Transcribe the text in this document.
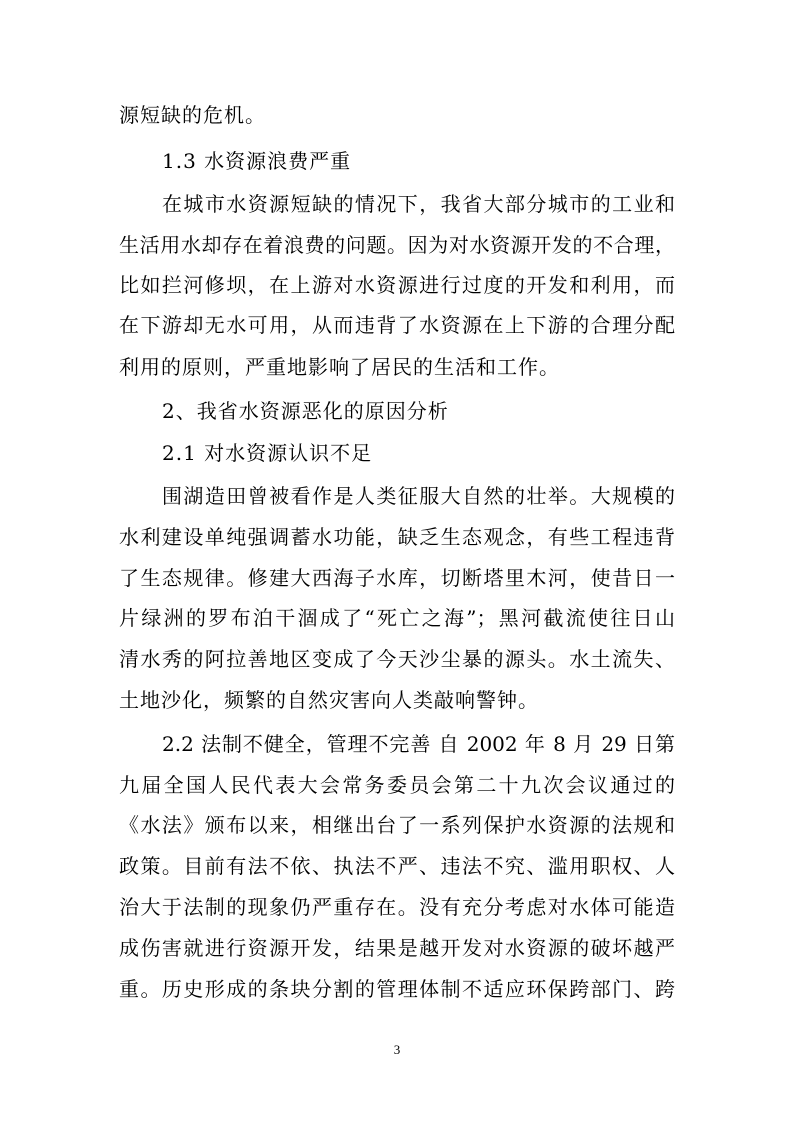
源短缺的危机。
1.3 水资源浪费严重
在城市水资源短缺的情况下，我省大部分城市的工业和
生活用水却存在着浪费的问题。因为对水资源开发的不合理，
比如拦河修坝，在上游对水资源进行过度的开发和利用，而
在下游却无水可用，从而违背了水资源在上下游的合理分配
利用的原则，严重地影响了居民的生活和工作。
2、我省水资源恶化的原因分析
2.1 对水资源认识不足
围湖造田曾被看作是人类征服大自然的壮举。大规模的
水利建设单纯强调蓄水功能，缺乏生态观念，有些工程违背
了生态规律。修建大西海子水库，切断塔里木河，使昔日一
片绿洲的罗布泊干涸成了“死亡之海”；黑河截流使往日山
清水秀的阿拉善地区变成了今天沙尘暴的源头。水土流失、
土地沙化，频繁的自然灾害向人类敲响警钟。
2.2 法制不健全，管理不完善 自 2002 年 8 月 29 日第
九届全国人民代表大会常务委员会第二十九次会议通过的
《水法》颁布以来，相继出台了一系列保护水资源的法规和
政策。目前有法不依、执法不严、违法不究、滥用职权、人
治大于法制的现象仍严重存在。没有充分考虑对水体可能造
成伤害就进行资源开发，结果是越开发对水资源的破坏越严
重。历史形成的条块分割的管理体制不适应环保跨部门、跨
3
